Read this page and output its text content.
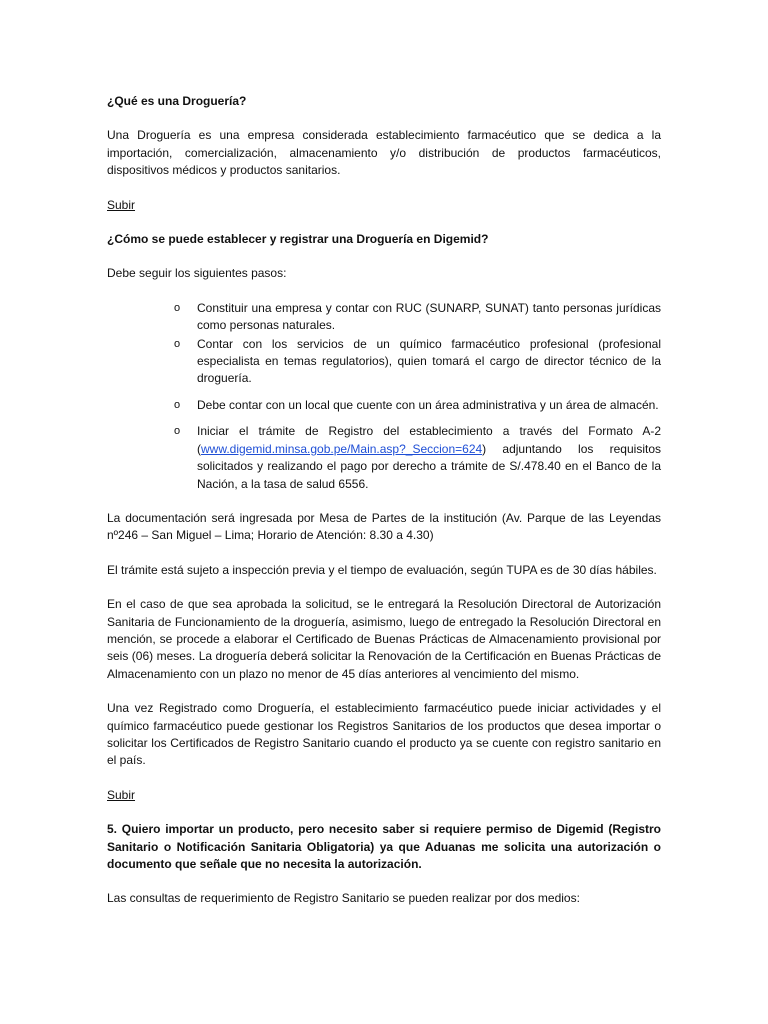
¿Qué es una Droguería?

Una Droguería es una empresa considerada establecimiento farmacéutico que se dedica a la importación, comercialización, almacenamiento y/o distribución de productos farmacéuticos, dispositivos médicos y productos sanitarios.

Subir

¿Cómo se puede establecer y registrar una Droguería en Digemid?

Debe seguir los siguientes pasos:

o Constituir una empresa y contar con RUC (SUNARP, SUNAT) tanto personas jurídicas como personas naturales.
o Contar con los servicios de un químico farmacéutico profesional (profesional especialista en temas regulatorios), quien tomará el cargo de director técnico de la droguería.
o Debe contar con un local que cuente con un área administrativa y un área de almacén.
o Iniciar el trámite de Registro del establecimiento a través del Formato A-2 (www.digemid.minsa.gob.pe/Main.asp?_Seccion=624) adjuntando los requisitos solicitados y realizando el pago por derecho a trámite de S/.478.40 en el Banco de la Nación, a la tasa de salud 6556.

La documentación será ingresada por Mesa de Partes de la institución (Av. Parque de las Leyendas nº246 – San Miguel – Lima; Horario de Atención: 8.30 a 4.30)

El trámite está sujeto a inspección previa y el tiempo de evaluación, según TUPA es de 30 días hábiles.

En el caso de que sea aprobada la solicitud, se le entregará la Resolución Directoral de Autorización Sanitaria de Funcionamiento de la droguería, asimismo, luego de entregado la Resolución Directoral en mención, se procede a elaborar el Certificado de Buenas Prácticas de Almacenamiento provisional por seis (06) meses. La droguería deberá solicitar la Renovación de la Certificación en Buenas Prácticas de Almacenamiento con un plazo no menor de 45 días anteriores al vencimiento del mismo.

Una vez Registrado como Droguería, el establecimiento farmacéutico puede iniciar actividades y el químico farmacéutico puede gestionar los Registros Sanitarios de los productos que desea importar o solicitar los Certificados de Registro Sanitario cuando el producto ya se cuente con registro sanitario en el país.

Subir

5. Quiero importar un producto, pero necesito saber si requiere permiso de Digemid (Registro Sanitario o Notificación Sanitaria Obligatoria) ya que Aduanas me solicita una autorización o documento que señale que no necesita la autorización.

Las consultas de requerimiento de Registro Sanitario se pueden realizar por dos medios:
